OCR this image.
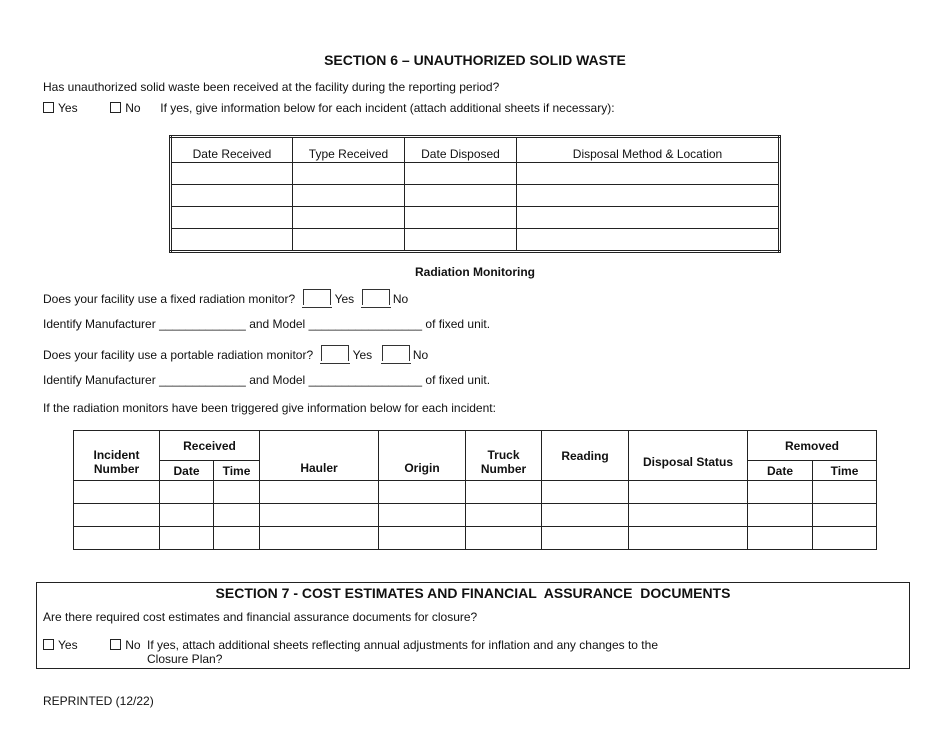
SECTION 6 – UNAUTHORIZED SOLID WASTE
Has unauthorized solid waste been received at the facility during the reporting period?
Yes	No If yes, give information below for each incident (attach additional sheets if necessary):
Date Received	Type Received	Date Disposed	Disposal Method & Location

Radiation Monitoring
Does your facility use a fixed radiation monitor?	Yes	No
Identify Manufacturer _____________ and Model _________________ of fixed unit.
Does your facility use a portable radiation monitor?	Yes	No
Identify Manufacturer _____________ and Model _________________ of fixed unit.
If the radiation monitors have been triggered give information below for each incident:
Incident Number	Received		Hauler	Origin	Truck Number	Reading	Disposal Status	Removed	
	Date	Time						Date	Time

SECTION 7 - COST ESTIMATES AND FINANCIAL  ASSURANCE  DOCUMENTS
Are there required cost estimates and financial assurance documents for closure?
Yes	No If yes, attach additional sheets reflecting annual adjustments for inflation and any changes to the
Closure Plan?
REPRINTED (12/22)
